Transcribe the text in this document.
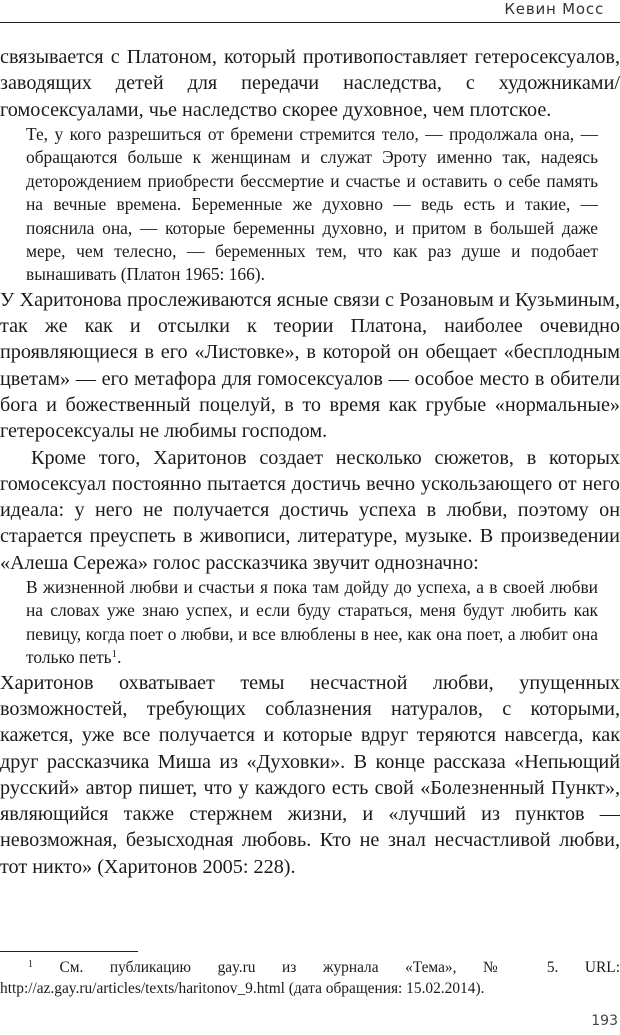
Кевин Мосс

связывается с Платоном, который противопоставляет гетеросексуалов, заводящих детей для передачи наследства, с художниками/гомосексуалами, чье наследство скорее духовное, чем плотское.

Те, у кого разрешиться от бремени стремится тело, — продолжала она, — обращаются больше к женщинам и служат Эроту именно так, надеясь деторождением приобрести бессмертие и счастье и оставить о себе память на вечные времена. Беременные же духовно — ведь есть и такие, — пояснила она, — которые беременны духовно, и притом в большей даже мере, чем телесно, — беременных тем, что как раз душе и подобает вынашивать (Платон 1965: 166).

У Харитонова прослеживаются ясные связи с Розановым и Кузьминым, так же как и отсылки к теории Платона, наиболее очевидно проявляющиеся в его «Листовке», в которой он обещает «бесплодным цветам» — его метафора для гомосексуалов — особое место в обители бога и божественный поцелуй, в то время как грубые «нормальные» гетеросексуалы не любимы господом.

Кроме того, Харитонов создает несколько сюжетов, в которых гомосексуал постоянно пытается достичь вечно ускользающего от него идеала: у него не получается достичь успеха в любви, поэтому он старается преуспеть в живописи, литературе, музыке. В произведении «Алеша Сережа» голос рассказчика звучит однозначно:

В жизненной любви и счастьи я пока там дойду до успеха, а в своей любви на словах уже знаю успех, и если буду стараться, меня будут любить как певицу, когда поет о любви, и все влюблены в нее, как она поет, а любит она только петь$^1$.

Харитонов охватывает темы несчастной любви, упущенных возможностей, требующих соблазнения натуралов, с которыми, кажется, уже все получается и которые вдруг теряются навсегда, как друг рассказчика Миша из «Духовки». В конце рассказа «Непьющий русский» автор пишет, что у каждого есть свой «Болезненный Пункт», являющийся также стержнем жизни, и «лучший из пунктов — невозможная, безысходная любовь. Кто не знал несчастливой любви, тот никто» (Харитонов 2005: 228).

$^1$ См. публикацию gay.ru из журнала «Тема», № 5. URL: http://az.gay.ru/articles/texts/haritonov_9.html (дата обращения: 15.02.2014).

193
